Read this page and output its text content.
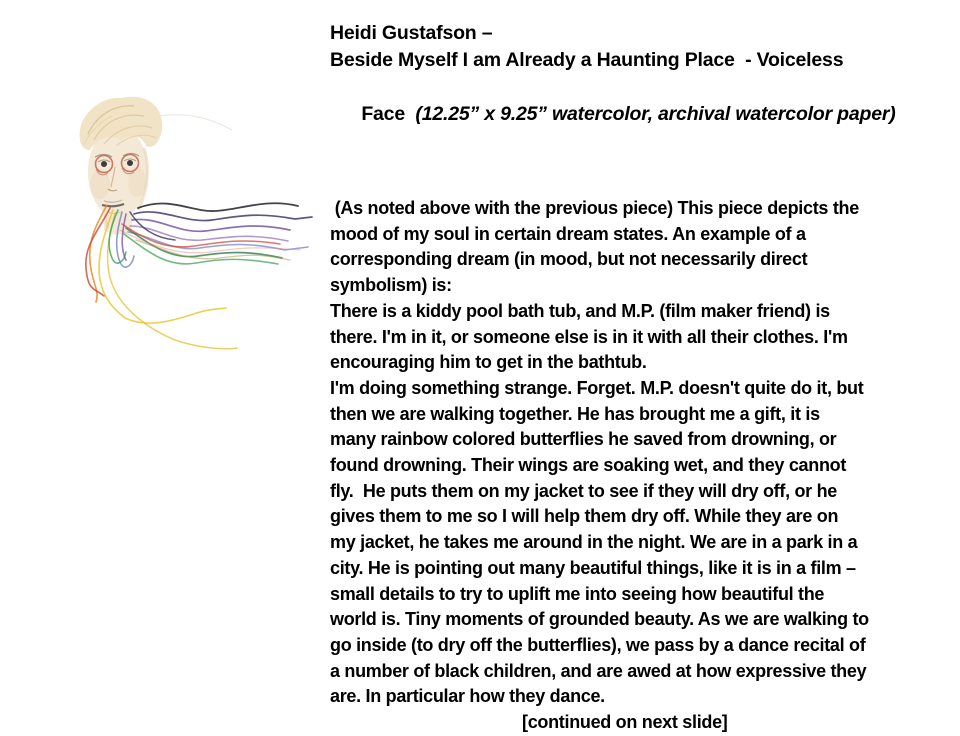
Heidi Gustafson –
Beside Myself I am Already a Haunting Place  - Voiceless

Face  (12.25” x 9.25” watercolor, archival watercolor paper)

(As noted above with the previous piece) This piece depicts the
mood of my soul in certain dream states. An example of a
corresponding dream (in mood, but not necessarily direct
symbolism) is:
There is a kiddy pool bath tub, and M.P. (film maker friend) is
there. I'm in it, or someone else is in it with all their clothes. I'm
encouraging him to get in the bathtub.
I'm doing something strange. Forget. M.P. doesn't quite do it, but
then we are walking together. He has brought me a gift, it is
many rainbow colored butterflies he saved from drowning, or
found drowning. Their wings are soaking wet, and they cannot
fly.  He puts them on my jacket to see if they will dry off, or he
gives them to me so I will help them dry off. While they are on
my jacket, he takes me around in the night. We are in a park in a
city. He is pointing out many beautiful things, like it is in a film –
small details to try to uplift me into seeing how beautiful the
world is. Tiny moments of grounded beauty. As we are walking to
go inside (to dry off the butterflies), we pass by a dance recital of
a number of black children, and are awed at how expressive they
are. In particular how they dance.
[continued on next slide]
